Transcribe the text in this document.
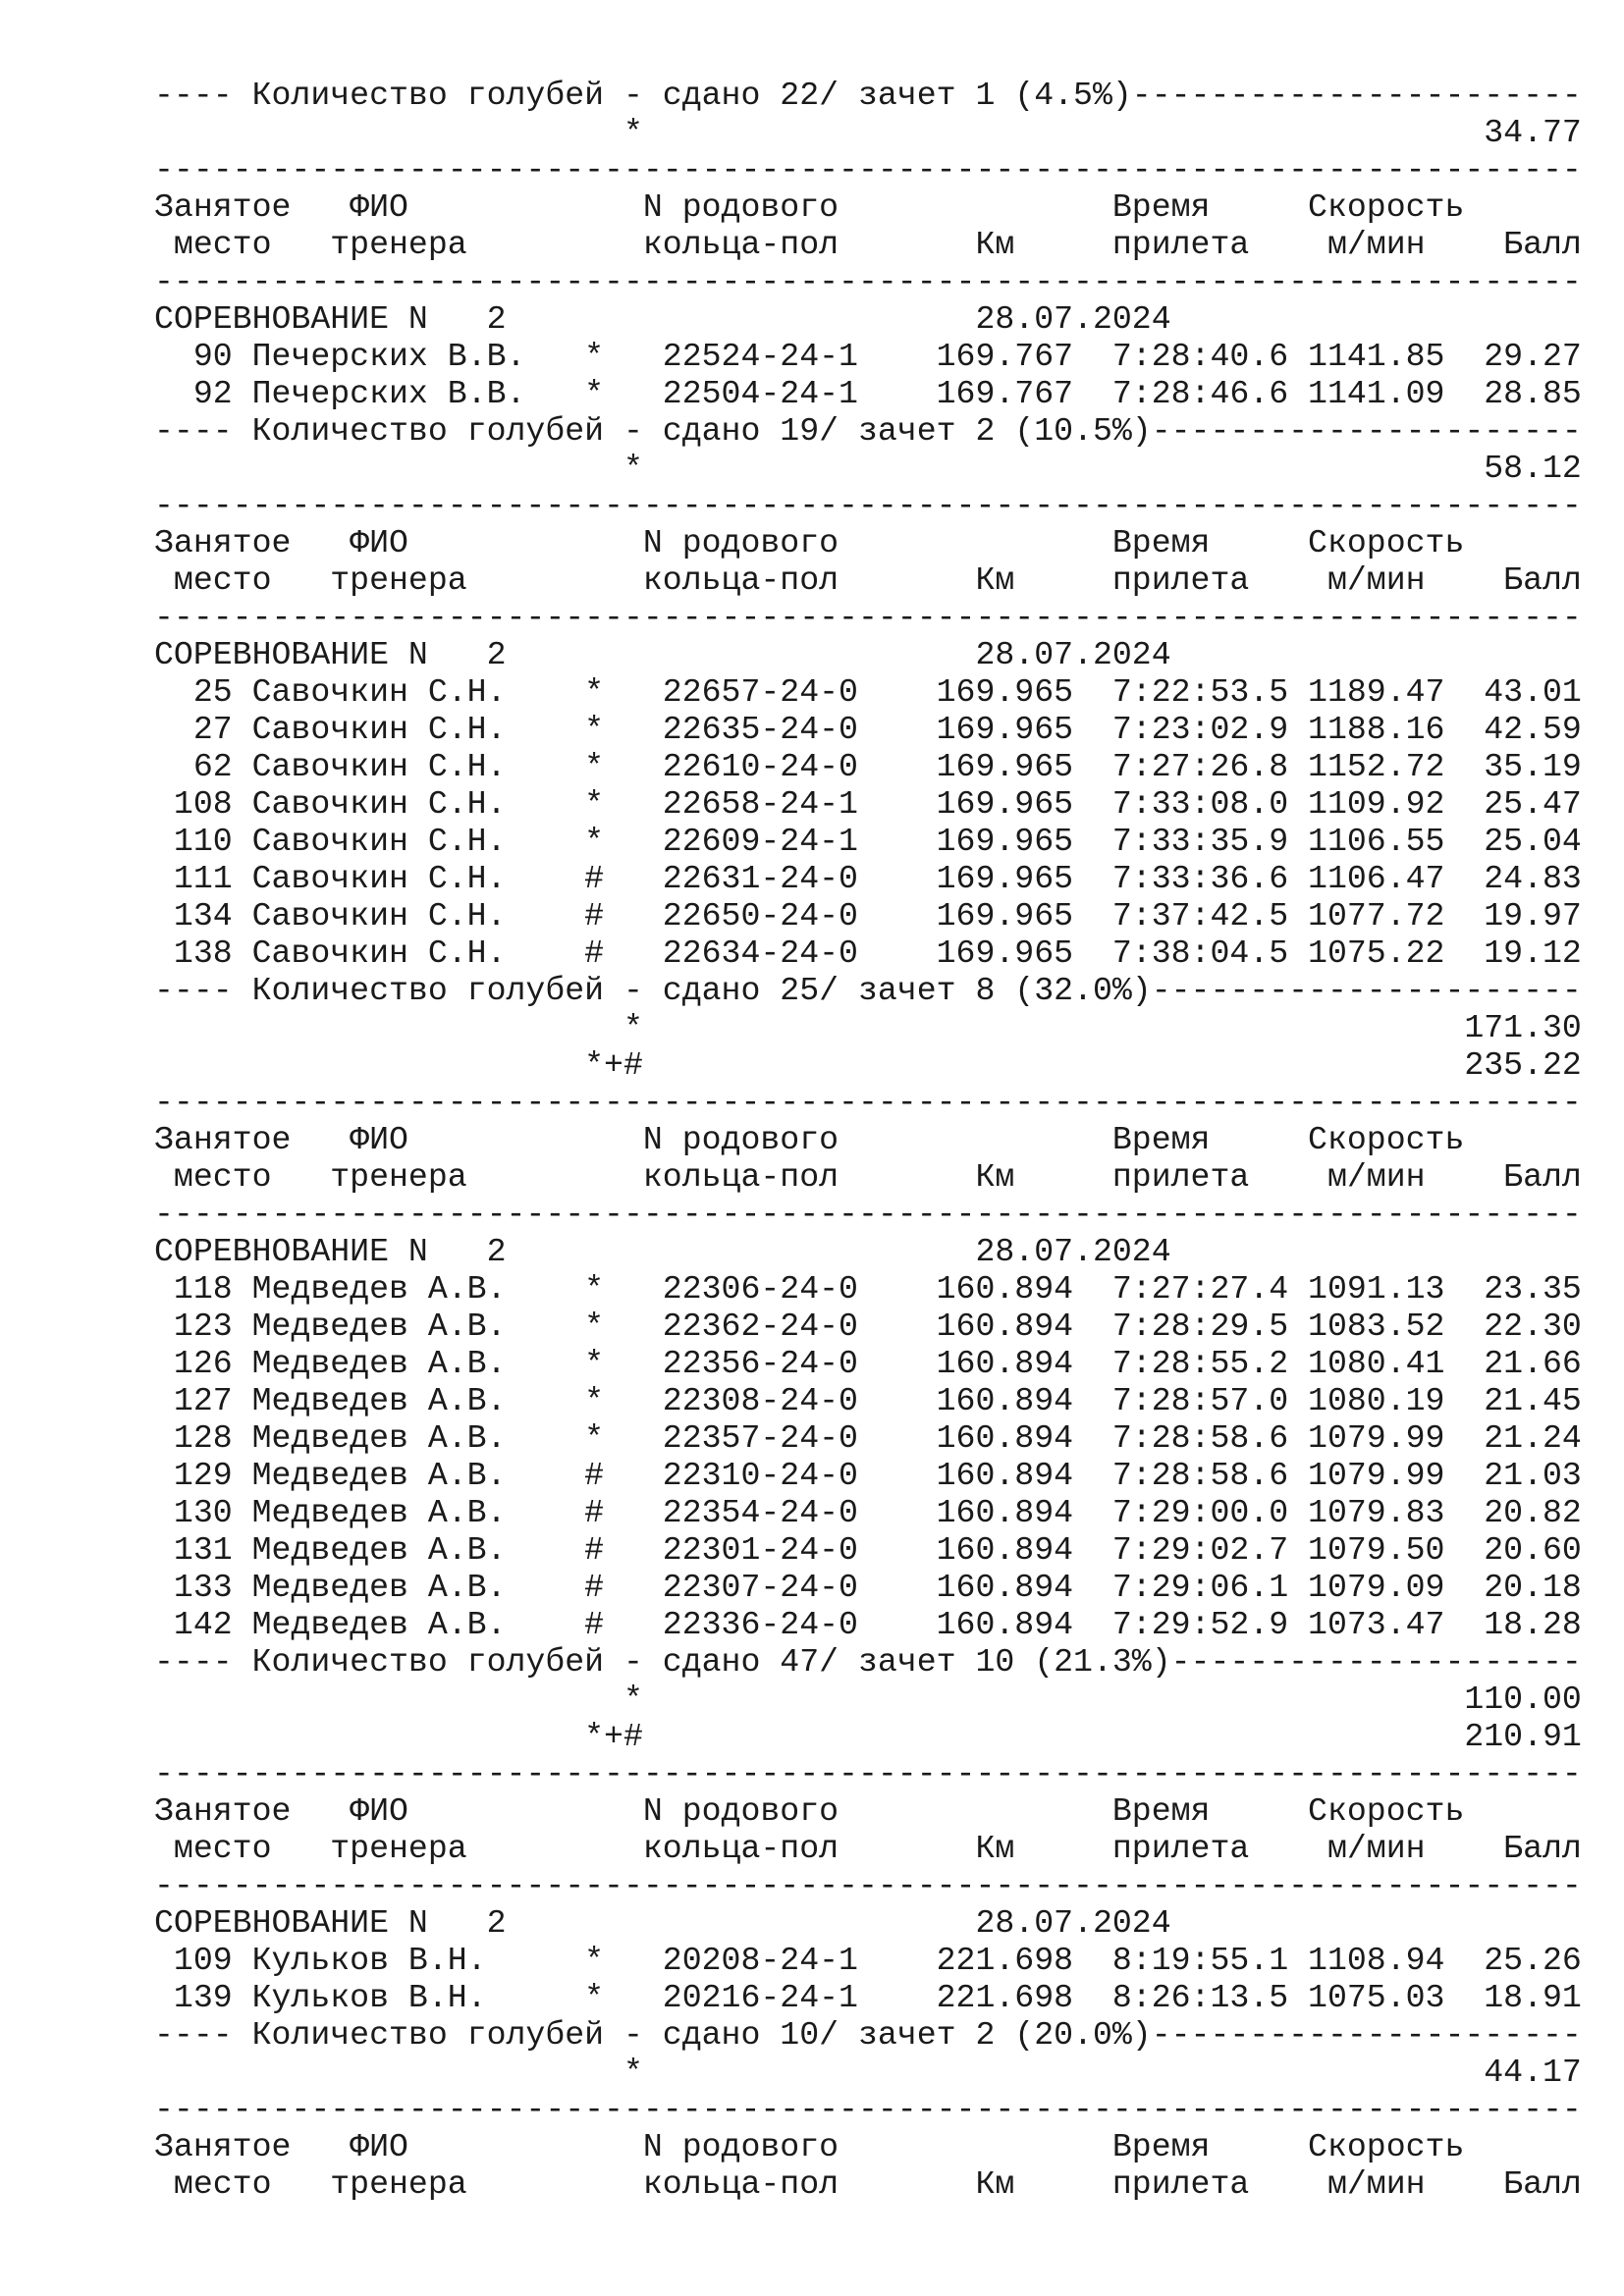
---- Количество голубей - сдано 22/ зачет 1 (4.5%)-----------------------
*                                           34.77
-------------------------------------------------------------------------
Занятое   ФИО            N родового              Время     Скорость
место   тренера         кольца-пол       Км     прилета    м/мин    Балл
-------------------------------------------------------------------------
СОРЕВНОВАНИЕ N   2                        28.07.2024
90 Печерских В.В.   *   22524-24-1    169.767  7:28:40.6 1141.85  29.27
92 Печерских В.В.   *   22504-24-1    169.767  7:28:46.6 1141.09  28.85
---- Количество голубей - сдано 19/ зачет 2 (10.5%)----------------------
*                                           58.12
-------------------------------------------------------------------------
Занятое   ФИО            N родового              Время     Скорость
место   тренера         кольца-пол       Км     прилета    м/мин    Балл
-------------------------------------------------------------------------
СОРЕВНОВАНИЕ N   2                        28.07.2024
25 Савочкин С.Н.    *   22657-24-0    169.965  7:22:53.5 1189.47  43.01
27 Савочкин С.Н.    *   22635-24-0    169.965  7:23:02.9 1188.16  42.59
62 Савочкин С.Н.    *   22610-24-0    169.965  7:27:26.8 1152.72  35.19
108 Савочкин С.Н.    *   22658-24-1    169.965  7:33:08.0 1109.92  25.47
110 Савочкин С.Н.    *   22609-24-1    169.965  7:33:35.9 1106.55  25.04
111 Савочкин С.Н.    #   22631-24-0    169.965  7:33:36.6 1106.47  24.83
134 Савочкин С.Н.    #   22650-24-0    169.965  7:37:42.5 1077.72  19.97
138 Савочкин С.Н.    #   22634-24-0    169.965  7:38:04.5 1075.22  19.12
---- Количество голубей - сдано 25/ зачет 8 (32.0%)----------------------
*                                          171.30
*+#                                          235.22
-------------------------------------------------------------------------
Занятое   ФИО            N родового              Время     Скорость
место   тренера         кольца-пол       Км     прилета    м/мин    Балл
-------------------------------------------------------------------------
СОРЕВНОВАНИЕ N   2                        28.07.2024
118 Медведев А.В.    *   22306-24-0    160.894  7:27:27.4 1091.13  23.35
123 Медведев А.В.    *   22362-24-0    160.894  7:28:29.5 1083.52  22.30
126 Медведев А.В.    *   22356-24-0    160.894  7:28:55.2 1080.41  21.66
127 Медведев А.В.    *   22308-24-0    160.894  7:28:57.0 1080.19  21.45
128 Медведев А.В.    *   22357-24-0    160.894  7:28:58.6 1079.99  21.24
129 Медведев А.В.    #   22310-24-0    160.894  7:28:58.6 1079.99  21.03
130 Медведев А.В.    #   22354-24-0    160.894  7:29:00.0 1079.83  20.82
131 Медведев А.В.    #   22301-24-0    160.894  7:29:02.7 1079.50  20.60
133 Медведев А.В.    #   22307-24-0    160.894  7:29:06.1 1079.09  20.18
142 Медведев А.В.    #   22336-24-0    160.894  7:29:52.9 1073.47  18.28
---- Количество голубей - сдано 47/ зачет 10 (21.3%)---------------------
*                                          110.00
*+#                                          210.91
-------------------------------------------------------------------------
Занятое   ФИО            N родового              Время     Скорость
место   тренера         кольца-пол       Км     прилета    м/мин    Балл
-------------------------------------------------------------------------
СОРЕВНОВАНИЕ N   2                        28.07.2024
109 Кульков В.Н.     *   20208-24-1    221.698  8:19:55.1 1108.94  25.26
139 Кульков В.Н.     *   20216-24-1    221.698  8:26:13.5 1075.03  18.91
---- Количество голубей - сдано 10/ зачет 2 (20.0%)----------------------
*                                           44.17
-------------------------------------------------------------------------
Занятое   ФИО            N родового              Время     Скорость
место   тренера         кольца-пол       Км     прилета    м/мин    Балл
